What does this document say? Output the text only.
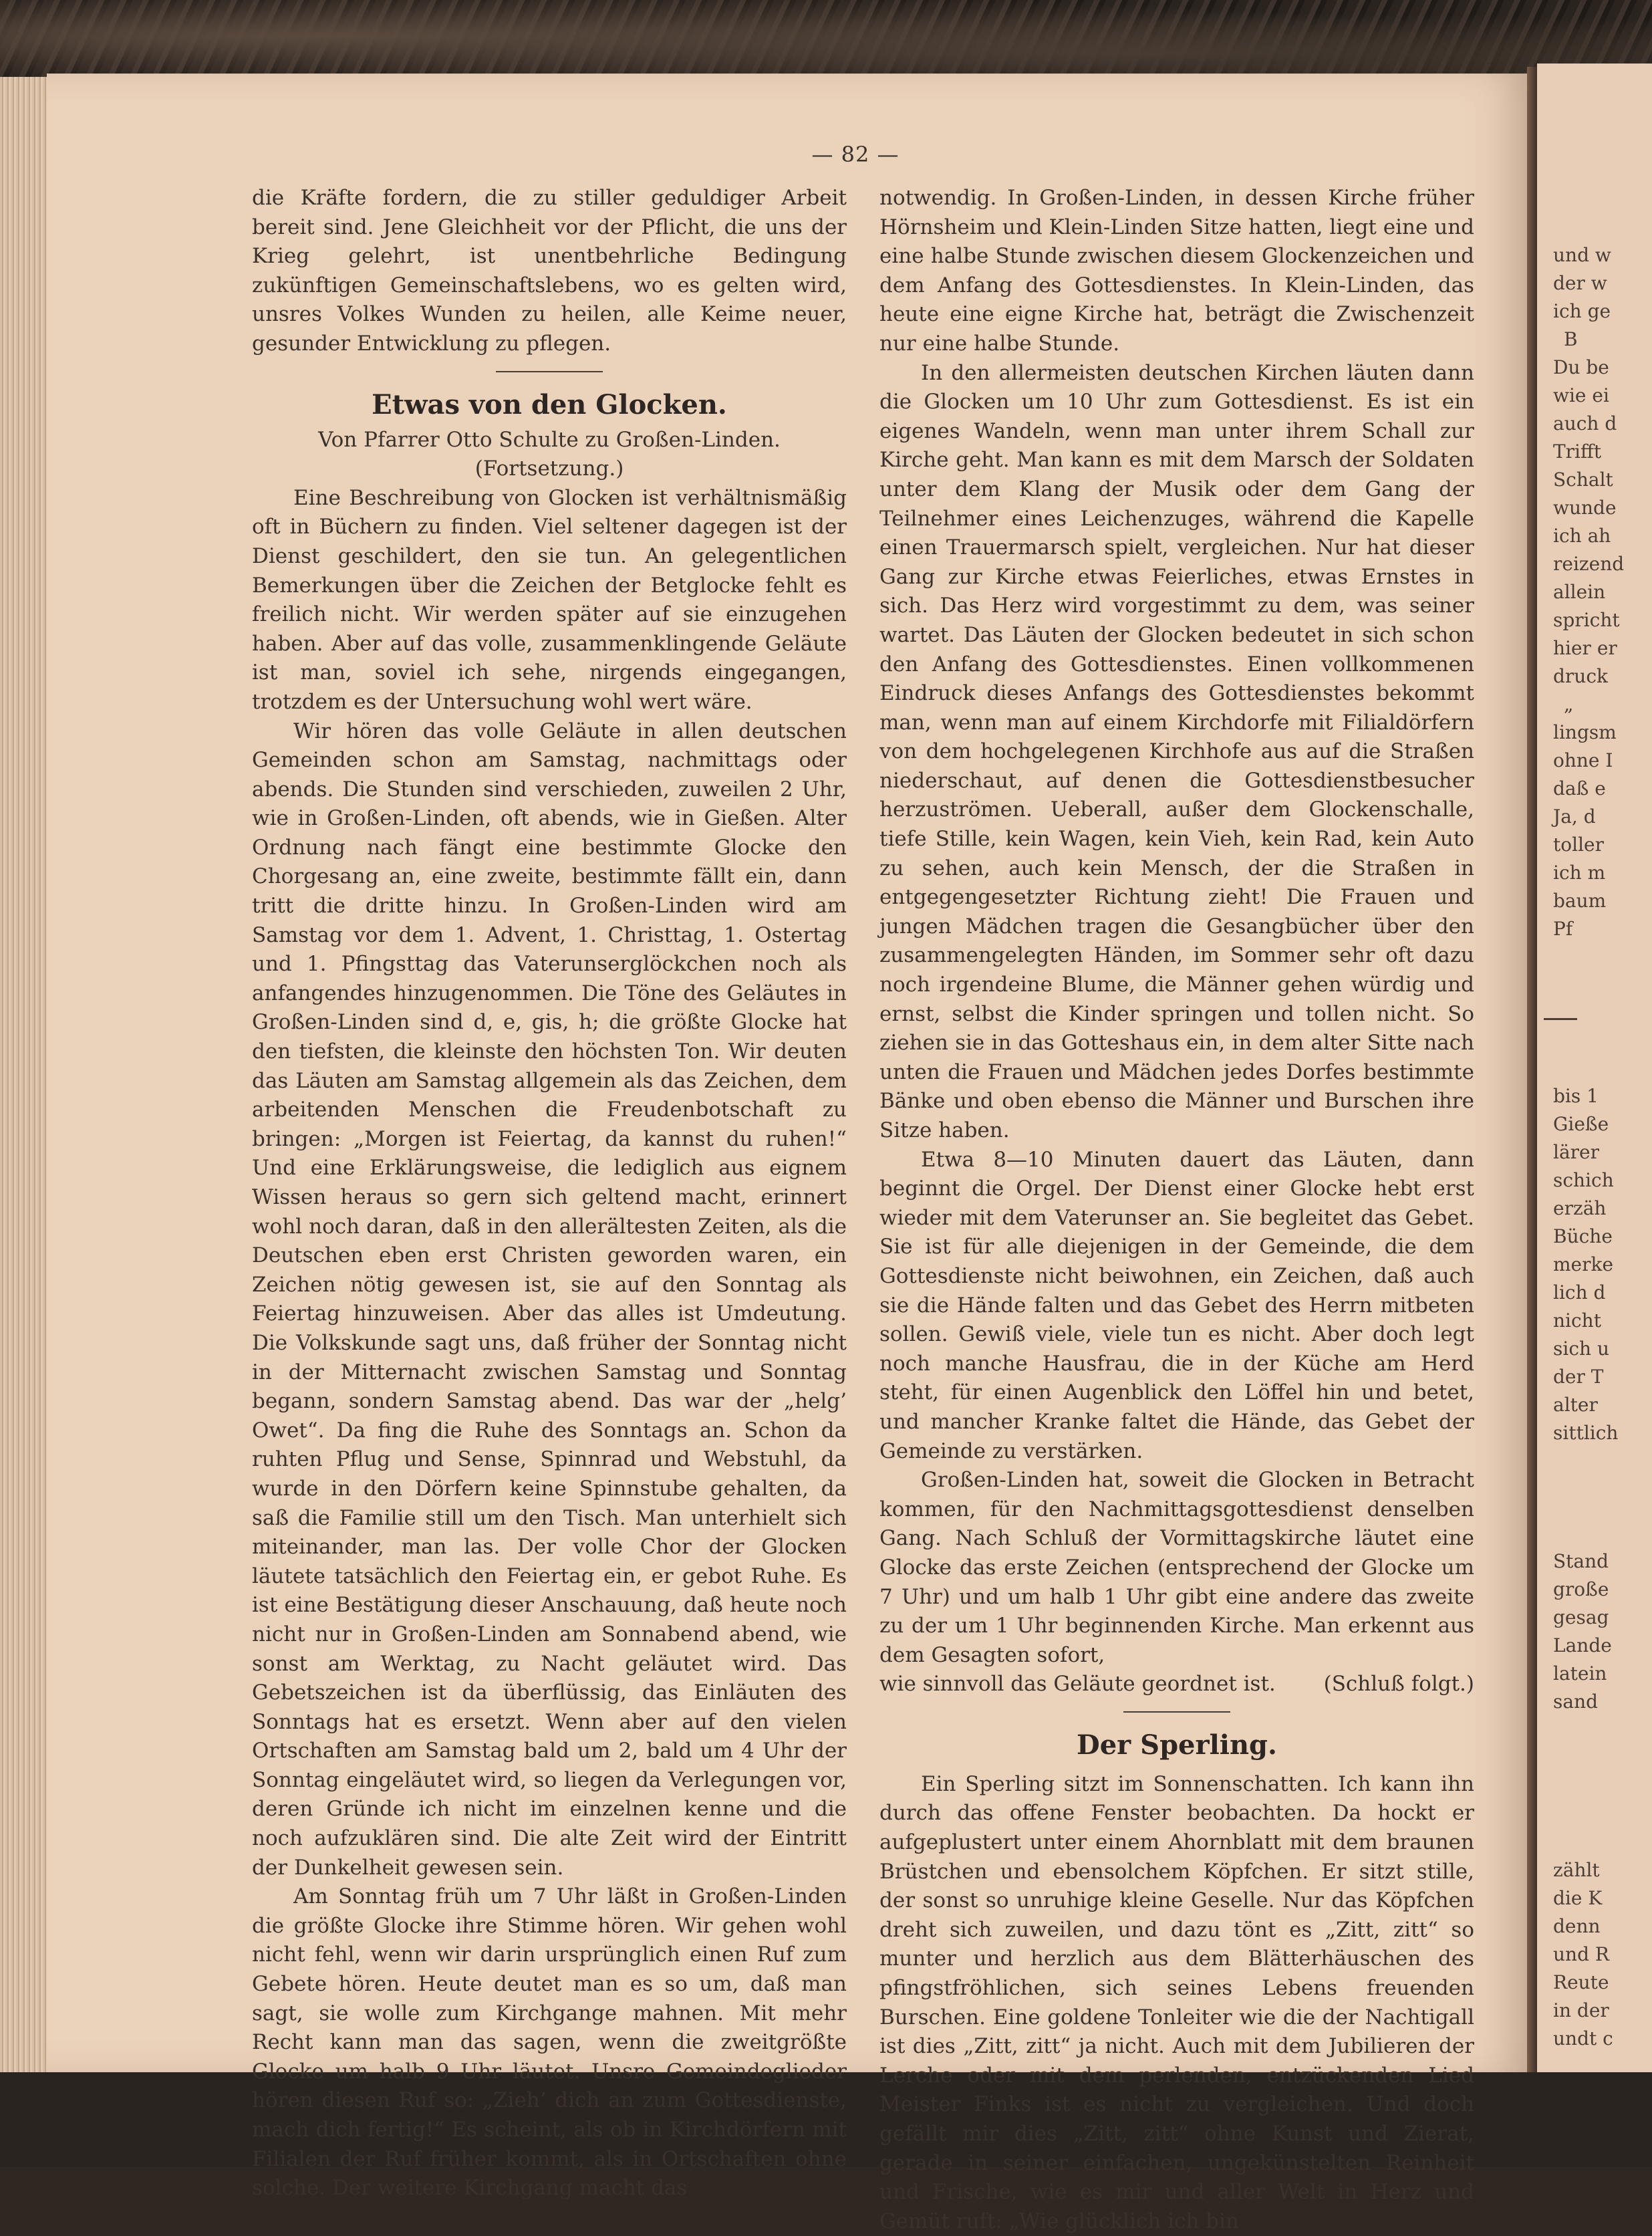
und w
der w
ich ge
B
Du be
wie ei
auch d
Trifft
Schalt
wunde
ich ah
reizend
allein
spricht
hier er
druck
„
lingsm
ohne I
daß e
Ja, d
toller
ich m
baum
Pf
bis 1
Gieße
lärer
schich
erzäh
Büche
merke
lich d
nicht
sich u
der T
alter
sittlich
Stand
große
gesag
Lande
latein
sand
zählt
die K
denn
und R
Reute
in der
undt c
— 82 —

die Kräfte fordern, die zu stiller geduldiger Arbeit bereit sind. Jene Gleichheit vor der Pflicht, die uns der Krieg gelehrt, ist unentbehrliche Bedingung zukünftigen Gemeinschaftslebens, wo es gelten wird, unsres Volkes Wunden zu heilen, alle Keime neuer, gesunder Entwicklung zu pflegen.

Etwas von den Glocken.

Von Pfarrer Otto Schulte zu Großen-Linden.

(Fortsetzung.)

Eine Beschreibung von Glocken ist verhältnismäßig oft in Büchern zu finden. Viel seltener dagegen ist der Dienst geschildert, den sie tun. An gelegentlichen Bemerkungen über die Zeichen der Betglocke fehlt es freilich nicht. Wir werden später auf sie einzugehen haben. Aber auf das volle, zusammenklingende Geläute ist man, soviel ich sehe, nirgends eingegangen, trotzdem es der Untersuchung wohl wert wäre.

Wir hören das volle Geläute in allen deutschen Gemeinden schon am Samstag, nachmittags oder abends. Die Stunden sind verschieden, zuweilen 2 Uhr, wie in Großen-Linden, oft abends, wie in Gießen. Alter Ordnung nach fängt eine bestimmte Glocke den Chorgesang an, eine zweite, bestimmte fällt ein, dann tritt die dritte hinzu. In Großen-Linden wird am Samstag vor dem 1. Advent, 1. Christtag, 1. Ostertag und 1. Pfingsttag das Vaterunserglöckchen noch als anfangendes hinzugenommen. Die Töne des Geläutes in Großen-Linden sind d, e, gis, h; die größte Glocke hat den tiefsten, die kleinste den höchsten Ton. Wir deuten das Läuten am Samstag allgemein als das Zeichen, dem arbeitenden Menschen die Freudenbotschaft zu bringen: „Morgen ist Feiertag, da kannst du ruhen!“ Und eine Erklärungsweise, die lediglich aus eignem Wissen heraus so gern sich geltend macht, erinnert wohl noch daran, daß in den allerältesten Zeiten, als die Deutschen eben erst Christen geworden waren, ein Zeichen nötig gewesen ist, sie auf den Sonntag als Feiertag hinzuweisen. Aber das alles ist Umdeutung. Die Volkskunde sagt uns, daß früher der Sonntag nicht in der Mitternacht zwischen Samstag und Sonntag begann, sondern Samstag abend. Das war der „helg’ Owet“. Da fing die Ruhe des Sonntags an. Schon da ruhten Pflug und Sense, Spinnrad und Webstuhl, da wurde in den Dörfern keine Spinnstube gehalten, da saß die Familie still um den Tisch. Man unterhielt sich miteinander, man las. Der volle Chor der Glocken läutete tatsächlich den Feiertag ein, er gebot Ruhe. Es ist eine Bestätigung dieser Anschauung, daß heute noch nicht nur in Großen-Linden am Sonnabend abend, wie sonst am Werktag, zu Nacht geläutet wird. Das Gebetszeichen ist da überflüssig, das Einläuten des Sonntags hat es ersetzt. Wenn aber auf den vielen Ortschaften am Samstag bald um 2, bald um 4 Uhr der Sonntag eingeläutet wird, so liegen da Verlegungen vor, deren Gründe ich nicht im einzelnen kenne und die noch aufzuklären sind. Die alte Zeit wird der Eintritt der Dunkelheit gewesen sein.

Am Sonntag früh um 7 Uhr läßt in Großen-Linden die größte Glocke ihre Stimme hören. Wir gehen wohl nicht fehl, wenn wir darin ursprünglich einen Ruf zum Gebete hören. Heute deutet man es so um, daß man sagt, sie wolle zum Kirchgange mahnen. Mit mehr Recht kann man das sagen, wenn die zweitgrößte Glocke um halb 9 Uhr läutet. Unsre Gemeindeglieder hören diesen Ruf so: „Zieh’ dich an zum Gottesdienste, mach dich fertig!“ Es scheint, als ob in Kirchdörfern mit Filialen der Ruf früher kommt, als in Ortschaften ohne solche. Der weitere Kirchgang macht das

notwendig. In Großen-Linden, in dessen Kirche früher Hörnsheim und Klein-Linden Sitze hatten, liegt eine und eine halbe Stunde zwischen diesem Glockenzeichen und dem Anfang des Gottesdienstes. In Klein-Linden, das heute eine eigne Kirche hat, beträgt die Zwischenzeit nur eine halbe Stunde.

In den allermeisten deutschen Kirchen läuten dann die Glocken um 10 Uhr zum Gottesdienst. Es ist ein eigenes Wandeln, wenn man unter ihrem Schall zur Kirche geht. Man kann es mit dem Marsch der Soldaten unter dem Klang der Musik oder dem Gang der Teilnehmer eines Leichenzuges, während die Kapelle einen Trauermarsch spielt, vergleichen. Nur hat dieser Gang zur Kirche etwas Feierliches, etwas Ernstes in sich. Das Herz wird vorgestimmt zu dem, was seiner wartet. Das Läuten der Glocken bedeutet in sich schon den Anfang des Gottesdienstes. Einen vollkommenen Eindruck dieses Anfangs des Gottesdienstes bekommt man, wenn man auf einem Kirchdorfe mit Filialdörfern von dem hochgelegenen Kirchhofe aus auf die Straßen niederschaut, auf denen die Gottesdienstbesucher herzuströmen. Ueberall, außer dem Glockenschalle, tiefe Stille, kein Wagen, kein Vieh, kein Rad, kein Auto zu sehen, auch kein Mensch, der die Straßen in entgegengesetzter Richtung zieht! Die Frauen und jungen Mädchen tragen die Gesangbücher über den zusammengelegten Händen, im Sommer sehr oft dazu noch irgendeine Blume, die Männer gehen würdig und ernst, selbst die Kinder springen und tollen nicht. So ziehen sie in das Gotteshaus ein, in dem alter Sitte nach unten die Frauen und Mädchen jedes Dorfes bestimmte Bänke und oben ebenso die Männer und Burschen ihre Sitze haben.

Etwa 8—10 Minuten dauert das Läuten, dann beginnt die Orgel. Der Dienst einer Glocke hebt erst wieder mit dem Vaterunser an. Sie begleitet das Gebet. Sie ist für alle diejenigen in der Gemeinde, die dem Gottesdienste nicht beiwohnen, ein Zeichen, daß auch sie die Hände falten und das Gebet des Herrn mitbeten sollen. Gewiß viele, viele tun es nicht. Aber doch legt noch manche Hausfrau, die in der Küche am Herd steht, für einen Augenblick den Löffel hin und betet, und mancher Kranke faltet die Hände, das Gebet der Gemeinde zu verstärken.

Großen-Linden hat, soweit die Glocken in Betracht kommen, für den Nachmittagsgottesdienst denselben Gang. Nach Schluß der Vormittagskirche läutet eine Glocke das erste Zeichen (entsprechend der Glocke um 7 Uhr) und um halb 1 Uhr gibt eine andere das zweite zu der um 1 Uhr beginnenden Kirche. Man erkennt aus dem Gesagten sofort,

wie sinnvoll das Geläute geordnet ist. (Schluß folgt.)

Der Sperling.

Ein Sperling sitzt im Sonnenschatten. Ich kann ihn durch das offene Fenster beobachten. Da hockt er aufgeplustert unter einem Ahornblatt mit dem braunen Brüstchen und ebensolchem Köpfchen. Er sitzt stille, der sonst so unruhige kleine Geselle. Nur das Köpfchen dreht sich zuweilen, und dazu tönt es „Zitt, zitt“ so munter und herzlich aus dem Blätterhäuschen des pfingstfröhlichen, sich seines Lebens freuenden Burschen. Eine goldene Tonleiter wie die der Nachtigall ist dies „Zitt, zitt“ ja nicht. Auch mit dem Jubilieren der Lerche oder mit dem perlenden, entzückenden Lied Meister Finks ist es nicht zu vergleichen. Und doch gefällt mir dies „Zitt, zitt“ ohne Kunst und Zierat, gerade in seiner einfachen, ungekünstelten Reinheit und Frische, wie es mir und aller Welt in Herz und Gemüt ruft: „Wie glücklich ich bin
